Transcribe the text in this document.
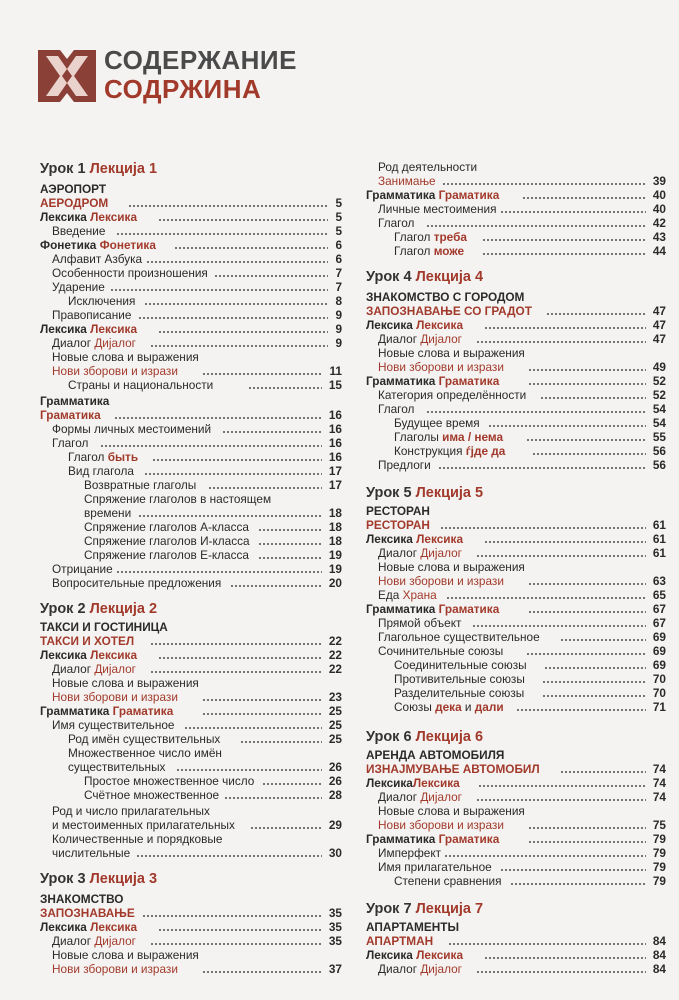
СОДЕРЖАНИЕ
СОДРЖИНА
Урок 1 Лекција 1
АЭРОПОРТ
АЕРОДРОМ	5
Лексика Лексика	5
Введение	5
Фонетика Фонетика	6
Алфавит Азбука	6
Особенности произношения	7
Ударение	7
Исключения	8
Правописание	9
Лексика Лексика	9
Диалог Дијалог	9
Новые слова и выражения
Нови зборови и изрази	11
Страны и национальности	15
Грамматика
Граматика	16
Формы личных местоимений	16
Глагол	16
Глагол быть	16
Вид глагола	17
Возвратные глаголы	17
Спряжение глаголов в настоящем
времени	18
Спряжение глаголов А-класса	18
Спряжение глаголов И-класса	18
Спряжение глаголов Е-класса	19
Отрицание	19
Вопросительные предложения	20
Урок 2 Лекција 2
ТАКСИ И ГОСТИНИЦА
ТАКСИ И ХОТЕЛ	22
Лексика Лексика	22
Диалог Дијалог	22
Новые слова и выражения
Нови зборови и изрази	23
Грамматика Граматика	25
Имя существительное	25
Род имён существительных	25
Множественное число имён
существительных	26
Простое множественное число	26
Счётное множественное	28
Род и число прилагательных
и местоименных прилагательных	29
Количественные и порядковые
числительные	30
Урок 3 Лекција 3
ЗНАКОМСТВО
ЗАПОЗНАВАЊЕ	35
Лексика Лексика	35
Диалог Дијалог	35
Новые слова и выражения
Нови зборови и изрази	37
Род деятельности
Занимање	39
Грамматика Граматика	40
Личные местоимения	40
Глагол	42
Глагол треба	43
Глагол може	44
Урок 4 Лекција 4
ЗНАКОМСТВО С ГОРОДОМ
ЗАПОЗНАВАЊЕ СО ГРАДОТ	47
Лексика Лексика	47
Диалог Дијалог	47
Новые слова и выражения
Нови зборови и изрази	49
Грамматика Граматика	52
Категория определённости	52
Глагол	54
Будущее время	54
Глаголы има / нема	55
Конструкция ѓјде да	56
Предлоги	56
Урок 5 Лекција 5
РЕСТОРАН
РЕСТОРАН	61
Лексика Лексика	61
Диалог Дијалог	61
Новые слова и выражения
Нови зборови и изрази	63
Еда Храна	65
Грамматика Граматика	67
Прямой объект	67
Глагольное существительное	69
Сочинительные союзы	69
Соединительные союзы	69
Противительные союзы	70
Разделительные союзы	70
Союзы дека и дали	71
Урок 6 Лекција 6
АРЕНДА АВТОМОБИЛЯ
ИЗНАЈМУВАЊЕ АВТОМОБИЛ	74
ЛексикаЛексика	74
Диалог Дијалог	74
Новые слова и выражения
Нови зборови и изрази	75
Грамматика Граматика	79
Имперфект	79
Имя прилагательное	79
Степени сравнения	79
Урок 7 Лекција 7
АПАРТАМЕНТЫ
АПАРТМАН	84
Лексика Лексика	84
Диалог Дијалог	84
